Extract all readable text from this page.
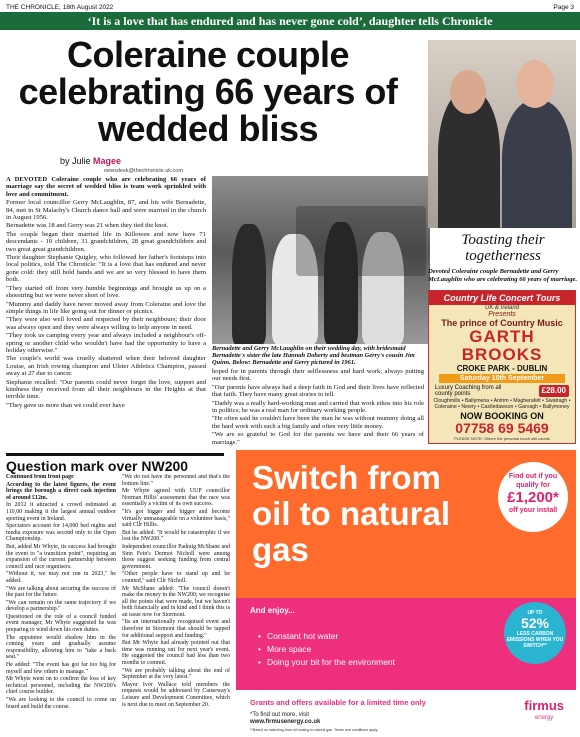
THE CHRONICLE, 18th August 2022	Page 3
‘It is a love that has endured and has never gone cold’, daughter tells Chronicle
Coleraine couple celebrating 66 years of wedded bliss
by Julie Magee
newsdesk@thechronicle.uk.com

A DEVOTED Coleraine couple who are celebrating 66 years of marriage say the secret of wedded bliss is team work sprinkled with love and commitment.

Former local councillor Gerry McLaughlin, 87, and his wife Bernadette, 84, met in St Malachy's Church dance hall and were married in the church in August 1956.

Bernadette was 18 and Gerry was 21 when they tied the knot.

The couple began their married life in Killowen and now have 71 descendants - 10 children, 31 grandchildren, 28 great grandchildren and two great great grandchildren.

Their daughter Stephanie Quigley, who followed her father's footsteps into local politics, told The Chronicle: "It is a love that has endured and never gone cold: they still hold hands and we are so very blessed to have them both.

"They started off from very humble beginnings and brought us up on a shoestring but we were never short of love.

"Mummy and daddy have never moved away from Coleraine and love the simple things in life like going out for dinner or picnics.

"They were also well loved and respected by their neighbours; their door was always open and they were always willing to help anyone in need.

"They took us camping every year and always included a neighbour's off-spring or another child who wouldn't have had the opportunity to have a holiday otherwise."

The couple's world was cruelly shattered when their beloved daughter Louise, an Irish rowing champion and Ulster Athletics Champion, passed away at 27 due to cancer.

Stephanie recalled: "Our parents could never forget the love, support and kindness they received from all their neighbours in the Heights at that terrible time.

"They gave us more than we could ever have

Bernadette and Gerry McLaughlin on their wedding day, with bridesmaid Bernadette's sister the late Hannah Doherty and bestman Gerry's cousin Jim Quinn. Below: Bernadette and Gerry pictured in 1961.

hoped for in parents through their selflessness and hard work; always putting our needs first.

"Our parents have always had a deep faith in God and their lives have reflected that faith. They have many great stories to tell.

"Daddy was a really hard-working man and carried that work ethos into his role in politics; he was a real man for ordinary working people.

"He often said he couldn't have been the man he was without mummy doing all the hard work with such a big family and often very little money.

"We are so grateful to God for the parents we have and their 66 years of marriage."

Toasting their togetherness
Devoted Coleraine couple Bernadette and Gerry McLaughlin who are celebrating 66 years of marriage.
Country Life Concert Tours
UK & Ireland
Presents
The prince of Country Music
GARTH BROOKS
CROKE PARK - DUBLIN
Saturday 10th September
Luxury Coaching from all county points	£28.00
Cloughmills • Ballymena • Antrim • Magherafelt • Swatragh • Coleraine • Newry • Castledawson • Garvagh • Ballymoney
NOW BOOKING ON
07758 69 5469
PLEASE NOTE: Where the personal touch still counts
Question mark over NW200

Continued from front page

According to the latest figures, the event brings the borough a direct cash injection of around £12m.

In 2012 it attracted a crowd estimated at 110,00 making it the largest annual outdoor sporting event in Ireland.

Spectators account for 14,000 bed nights and media exposure was second only to the Open Championship.

But, added Mr Whyte, its success had brought the event to "a transition point", requiring an expansion of the current partnership between council and race organisers.

"Without it, we may not run in 2023," he added.

"We are talking about securing the success of the past for the future.

"We can remain on the same trajectory if we develop a partnership."

Questioned on the role of a council funded event manager, Mr Whyte suggested he was preparing to wind down his own duties.

The appointee would shadow him in the coming years and gradually assume responsibility, allowing him to "take a back seat."

He added: "The event has got far too big for myself and few others to manage."

Mr Whyte went on to confirm the loss of key technical personnel, including the NW200's chief course builder.

"We are looking to the council to come on board and build the course.

"We do not have the personnel and that's the bottom line."

Mr Whyte agreed with UUP councillor Norman Hillis' assessment that the race was essentially a victim of its own success.

"It's got bigger and bigger and become virtually unmanageable on a volunteer basis," said Cllr Hillis.

But he added: "It would be catastrophic if we lost the NW200."

Independent councillor Padraig McShane and Sinn Fein's Dermot Nicholl were among those suggest seeking funding from central government.

"Other people have to stand up and be counted," said Cllr Nicholl.

Mr McShane added: "The council doesn't make the money in the NW200; we recognise all the points that were made, but we haven't both financially and in kind and I think this is an issue now for Stormont.

"Its an internationally recognised event and therefore in Stormont that should be tapped for additional support and funding."

But Mr Whyte had already pointed out that time was running out for next year's event. He suggested the council had less than two months to commit.

"We are probably talking about the end of September at the very latest."

Mayor Ivor Wallace told members the requests would be addressed by Causeway's Leisure and Development Committee, which is next due to meet on September 20.

Switch from oil to natural gas
Find out if you qualify for
£1,200*
off your install
And enjoy...
• Constant hot water
• More space
• Doing your bit for the environment
UP TO
52%
LESS CARBON EMISSIONS WHEN YOU SWITCH**
Grants and offers available for a limited time only
*To find out more, visit
www.firmusenergy.co.uk
firmus
energy
**Based on switching from oil heating to natural gas. Terms and conditions apply.
